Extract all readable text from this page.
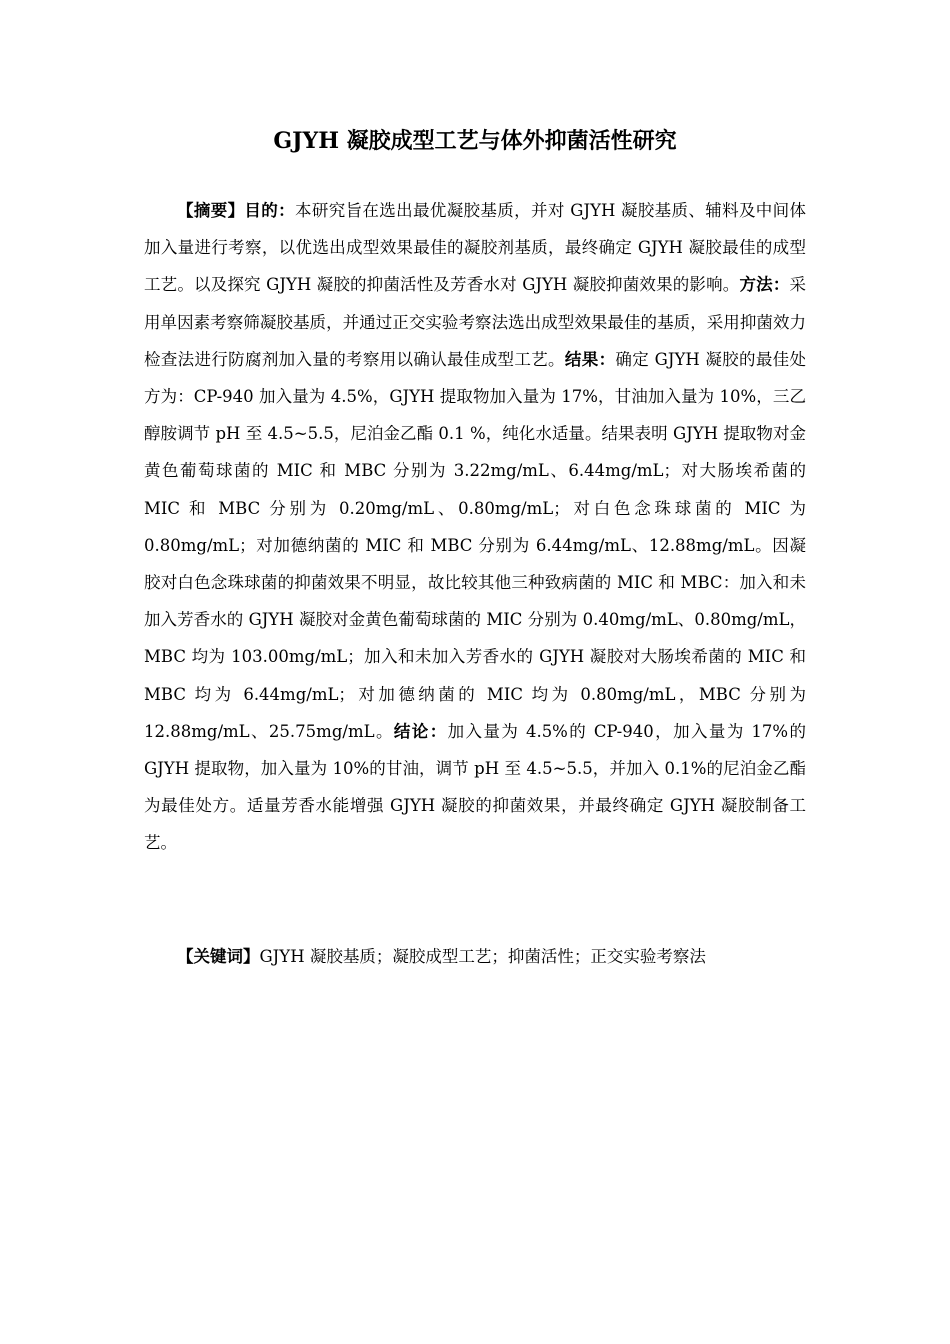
GJYH 凝胶成型工艺与体外抑菌活性研究

【摘要】目的：本研究旨在选出最优凝胶基质，并对 GJYH 凝胶基质、辅料及中间体加入量进行考察，以优选出成型效果最佳的凝胶剂基质，最终确定 GJYH 凝胶最佳的成型工艺。以及探究 GJYH 凝胶的抑菌活性及芳香水对 GJYH 凝胶抑菌效果的影响。方法：采用单因素考察筛凝胶基质，并通过正交实验考察法选出成型效果最佳的基质，采用抑菌效力检查法进行防腐剂加入量的考察用以确认最佳成型工艺。结果：确定 GJYH 凝胶的最佳处方为：CP-940 加入量为 4.5%，GJYH 提取物加入量为 17%，甘油加入量为 10%，三乙醇胺调节 pH 至 4.5~5.5，尼泊金乙酯 0.1 %，纯化水适量。结果表明 GJYH 提取物对金黄色葡萄球菌的 MIC 和 MBC 分别为 3.22mg/mL、6.44mg/mL；对大肠埃希菌的 MIC 和 MBC 分别为 0.20mg/mL、0.80mg/mL；对白色念珠球菌的 MIC 为 0.80mg/mL；对加德纳菌的 MIC 和 MBC 分别为 6.44mg/mL、12.88mg/mL。因凝胶对白色念珠球菌的抑菌效果不明显，故比较其他三种致病菌的 MIC 和 MBC：加入和未加入芳香水的 GJYH 凝胶对金黄色葡萄球菌的 MIC 分别为 0.40mg/mL、0.80mg/mL，MBC 均为 103.00mg/mL；加入和未加入芳香水的 GJYH 凝胶对大肠埃希菌的 MIC 和 MBC 均为 6.44mg/mL；对加德纳菌的 MIC 均为 0.80mg/mL，MBC 分别为 12.88mg/mL、25.75mg/mL。结论：加入量为 4.5%的 CP-940，加入量为 17%的 GJYH 提取物，加入量为 10%的甘油，调节 pH 至 4.5~5.5，并加入 0.1%的尼泊金乙酯为最佳处方。适量芳香水能增强 GJYH 凝胶的抑菌效果，并最终确定 GJYH 凝胶制备工艺。

【关键词】GJYH 凝胶基质；凝胶成型工艺；抑菌活性；正交实验考察法
